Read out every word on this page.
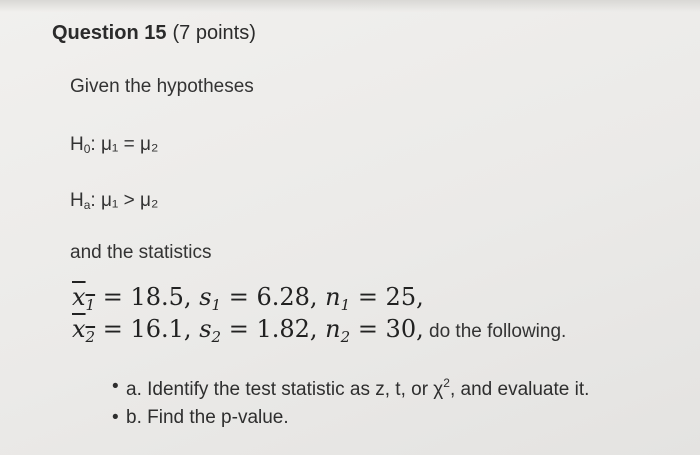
Question 15 (7 points)
Given the hypotheses
$H_0$: μ₁ = μ₂
$H_a$: μ₁ > μ₂
and the statistics
$x_1 = 18.5$, $s_1 = 6.28$, $n_1 = 25$,
$x_2 = 16.1$, $s_2 = 1.82$, $n_2 = 30$, do the following.
• a. Identify the test statistic as z, t, or $\chi^2$, and evaluate it.
• b. Find the p-value.
